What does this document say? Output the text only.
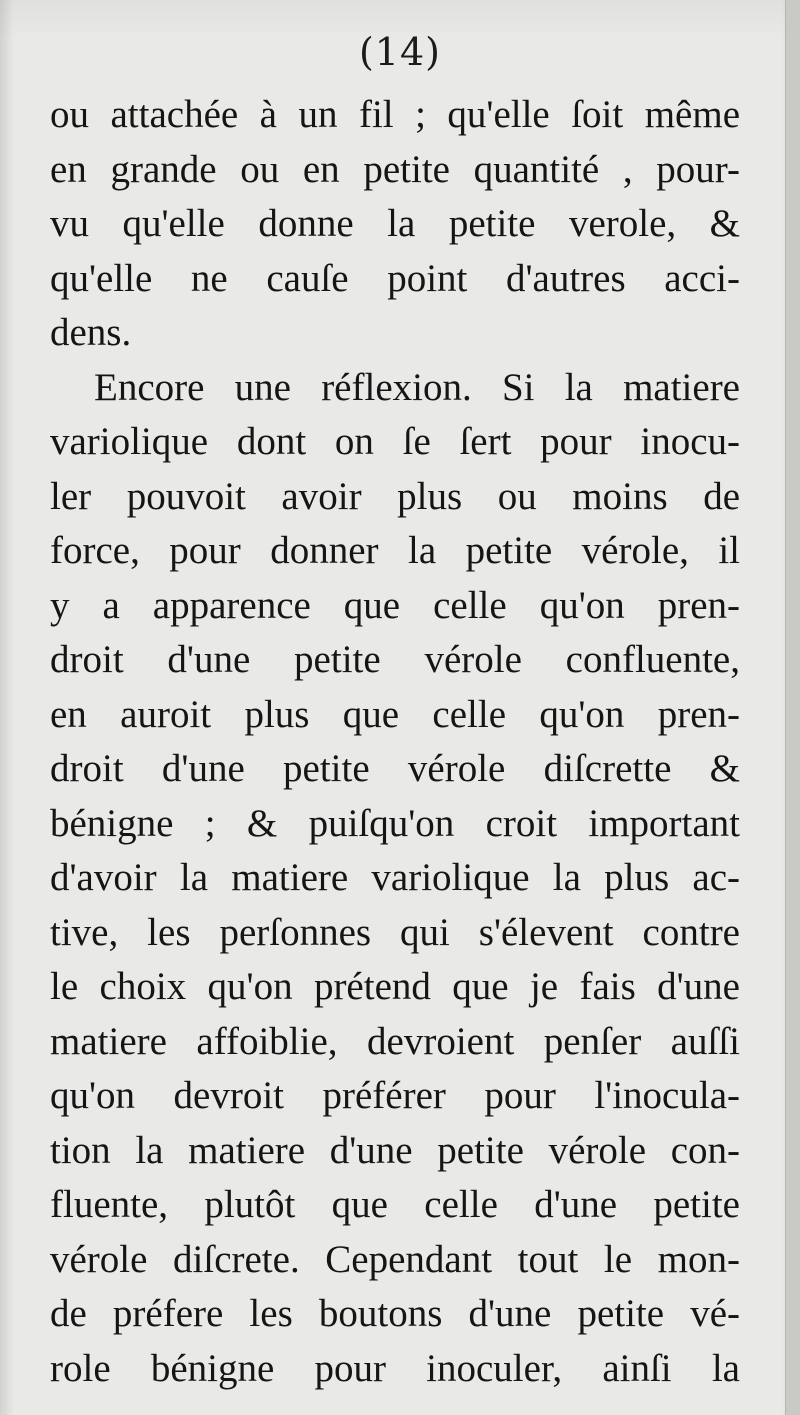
(14)
ou attachée à un fil ; qu'elle ſoit même
en grande ou en petite quantité , pour-
vu qu'elle donne la petite verole, &
qu'elle ne cauſe point d'autres acci-
dens.
Encore une réflexion. Si la matiere
variolique dont on ſe ſert pour inocu-
ler pouvoit avoir plus ou moins de
force, pour donner la petite vérole, il
y a apparence que celle qu'on pren-
droit d'une petite vérole confluente,
en auroit plus que celle qu'on pren-
droit d'une petite vérole diſcrette &
bénigne ; & puiſqu'on croit important
d'avoir la matiere variolique la plus ac-
tive, les perſonnes qui s'élevent contre
le choix qu'on prétend que je fais d'une
matiere affoiblie, devroient penſer auſſi
qu'on devroit préférer pour l'inocula-
tion la matiere d'une petite vérole con-
fluente, plutôt que celle d'une petite
vérole diſcrete. Cependant tout le mon-
de préfere les boutons d'une petite vé-
role bénigne pour inoculer, ainſi la
